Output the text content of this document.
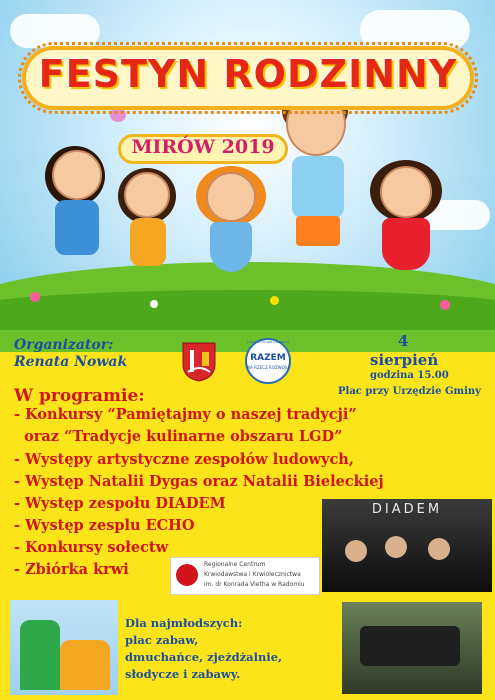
FESTYN RODZINNY
MIRÓW 2019
Organizator:
Renata Nowak
Lokalna Grupa Działania
RAZEM
NA RZECZ ROZWOJU
4
sierpień
godzina 15.00
Plac przy Urzędzie Gminy
W programie:
- Konkursy “Pamiętajmy o naszej tradycji”
oraz “Tradycje kulinarne obszaru LGD”
- Występy artystyczne zespołów ludowych,
- Występ Natalii Dygas oraz Natalii Bieleckiej
- Występ zespołu DIADEM
- Występ zesplu ECHO
- Konkursy sołectw
- Zbiórka krwi
DIADEM
Regionalne Centrum
Krwiodawstwa i Krwiolecznictwa
im. dr Konrada Vietha w Radomiu
Dla najmłodszych:
plac zabaw,
dmuchańce, zjeżdżalnie,
słodycze i zabawy.
